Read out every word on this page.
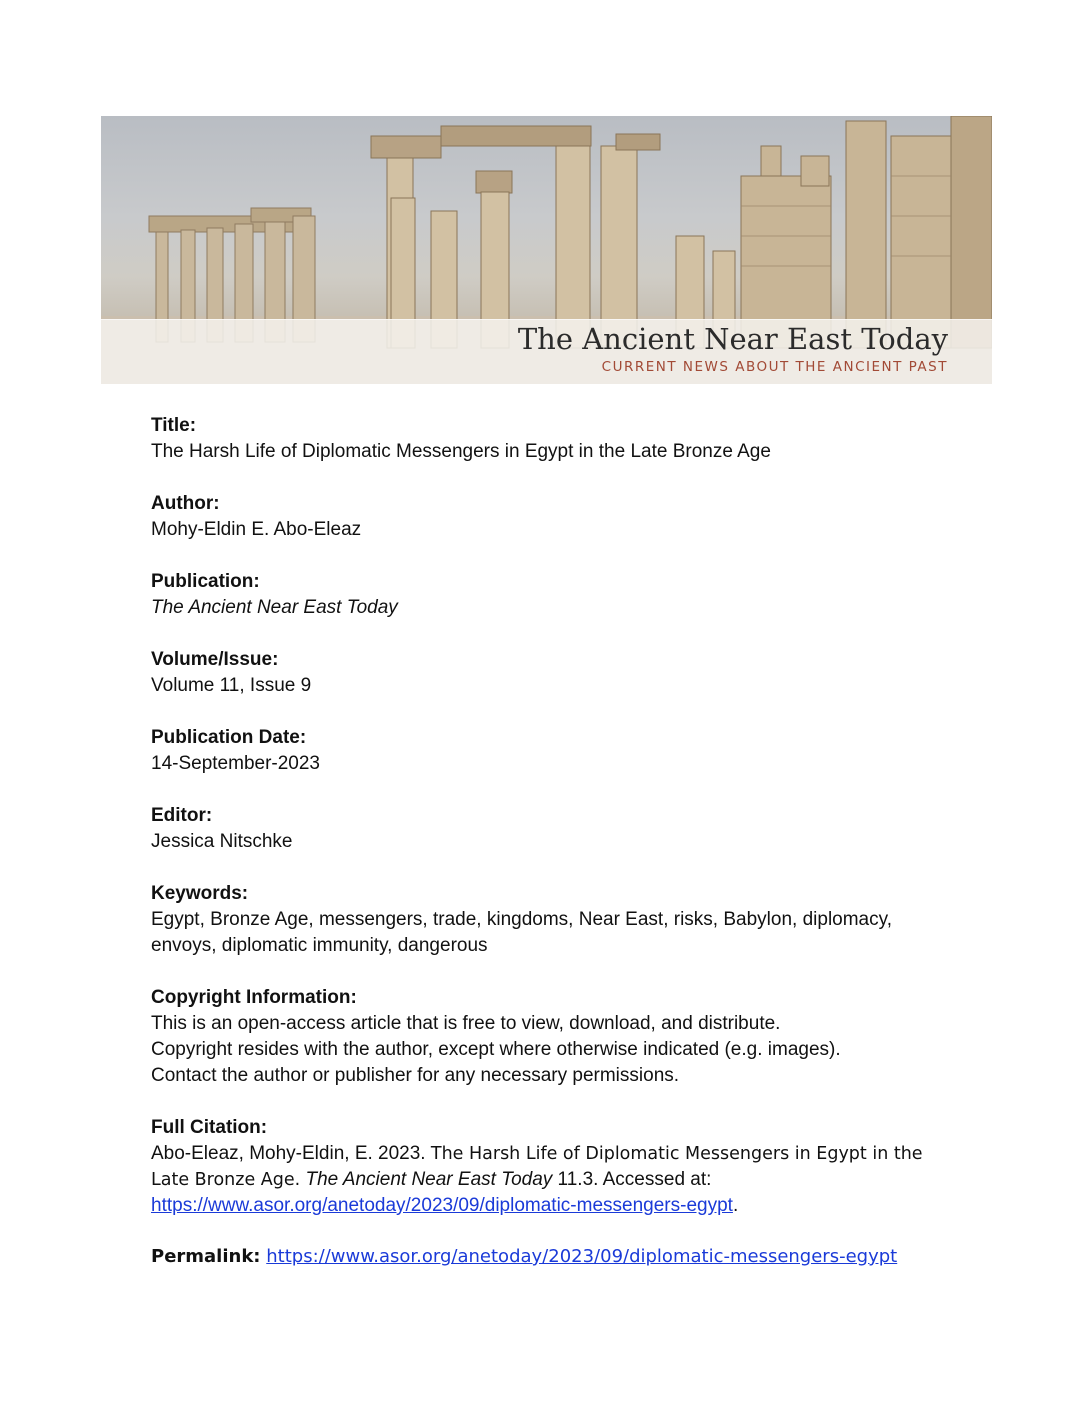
The Ancient Near East Today
CURRENT NEWS ABOUT THE ANCIENT PAST
Title:
The Harsh Life of Diplomatic Messengers in Egypt in the Late Bronze Age
Author:
Mohy-Eldin E. Abo-Eleaz
Publication:
The Ancient Near East Today
Volume/Issue:
Volume 11, Issue 9
Publication Date:
14-September-2023
Editor:
Jessica Nitschke
Keywords:
Egypt, Bronze Age, messengers, trade, kingdoms, Near East, risks, Babylon, diplomacy, envoys, diplomatic immunity, dangerous
Copyright Information:

This is an open-access article that is free to view, download, and distribute.

Copyright resides with the author, except where otherwise indicated (e.g. images).

Contact the author or publisher for any necessary permissions.

Full Citation:
Abo-Eleaz, Mohy-Eldin, E. 2023. The Harsh Life of Diplomatic Messengers in Egypt in the Late Bronze Age. The Ancient Near East Today 11.3. Accessed at:
https://www.asor.org/anetoday/2023/09/diplomatic-messengers-egypt.
Permalink: https://www.asor.org/anetoday/2023/09/diplomatic-messengers-egypt
